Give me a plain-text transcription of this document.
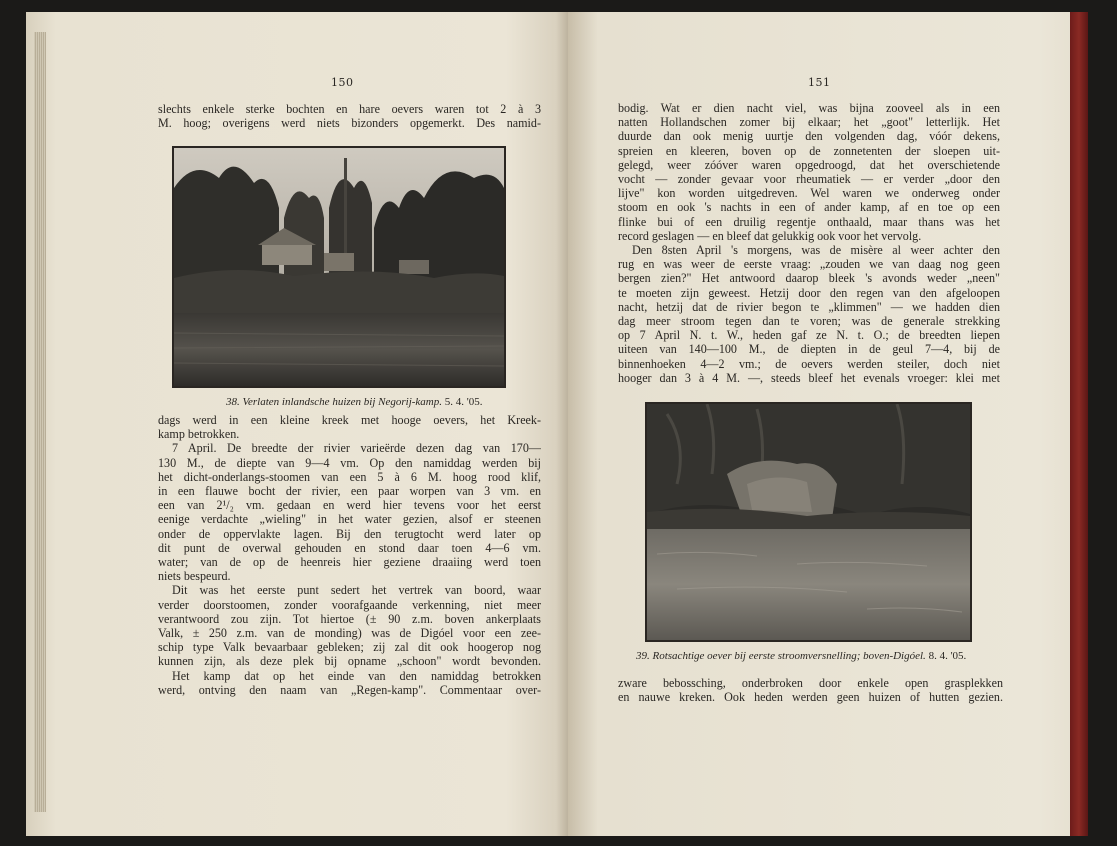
150
slechts enkele sterke bochten en hare oevers waren tot 2 à 3
M. hoog; overigens werd niets bizonders opgemerkt. Des namid-
38. Verlaten inlandsche huizen bij Negorij-kamp. 5. 4. '05.
dags werd in een kleine kreek met hooge oevers, het Kreek-
kamp betrokken.
7 April. De breedte der rivier varieërde dezen dag van 170—
130 M., de diepte van 9—4 vm. Op den namiddag werden bij
het dicht-onderlangs-stoomen van een 5 à 6 M. hoog rood klif,
in een flauwe bocht der rivier, een paar worpen van 3 vm. en
een van 2¹/₂ vm. gedaan en werd hier tevens voor het eerst
eenige verdachte „wieling" in het water gezien, alsof er steenen
onder de oppervlakte lagen. Bij den terugtocht werd later op
dit punt de overwal gehouden en stond daar toen 4—6 vm.
water; van de op de heenreis hier geziene draaiing werd toen
niets bespeurd.
Dit was het eerste punt sedert het vertrek van boord, waar
verder doorstoomen, zonder voorafgaande verkenning, niet meer
verantwoord zou zijn. Tot hiertoe (± 90 z.m. boven ankerplaats
Valk, ± 250 z.m. van de monding) was de Digóel voor een zee-
schip type Valk bevaarbaar gebleken; zij zal dit ook hoogerop nog
kunnen zijn, als deze plek bij opname „schoon" wordt bevonden.
Het kamp dat op het einde van den namiddag betrokken
werd, ontving den naam van „Regen-kamp". Commentaar over-
151
bodig. Wat er dien nacht viel, was bijna zooveel als in een
natten Hollandschen zomer bij elkaar; het „goot" letterlijk. Het
duurde dan ook menig uurtje den volgenden dag, vóór dekens,
spreien en kleeren, boven op de zonnetenten der sloepen uit-
gelegd, weer zóóver waren opgedroogd, dat het overschietende
vocht — zonder gevaar voor rheumatiek — er verder „door den
lijve" kon worden uitgedreven. Wel waren we onderweg onder
stoom en ook 's nachts in een of ander kamp, af en toe op een
flinke bui of een druilig regentje onthaald, maar thans was het
record geslagen — en bleef dat gelukkig ook voor het vervolg.
Den 8sten April 's morgens, was de misère al weer achter den
rug en was weer de eerste vraag: „zouden we van daag nog geen
bergen zien?" Het antwoord daarop bleek 's avonds weder „neen"
te moeten zijn geweest. Hetzij door den regen van den afgeloopen
nacht, hetzij dat de rivier begon te „klimmen" — we hadden dien
dag meer stroom tegen dan te voren; was de generale strekking
op 7 April N. t. W., heden gaf ze N. t. O.; de breedten liepen
uiteen van 140—100 M., de diepten in de geul 7—4, bij de
binnenhoeken 4—2 vm.; de oevers werden steiler, doch niet
hooger dan 3 à 4 M. —, steeds bleef het evenals vroeger: klei met
39. Rotsachtige oever bij eerste stroomversnelling; boven-Digóel. 8. 4. '05.
zware bebossching, onderbroken door enkele open grasplekken
en nauwe kreken. Ook heden werden geen huizen of hutten gezien.
